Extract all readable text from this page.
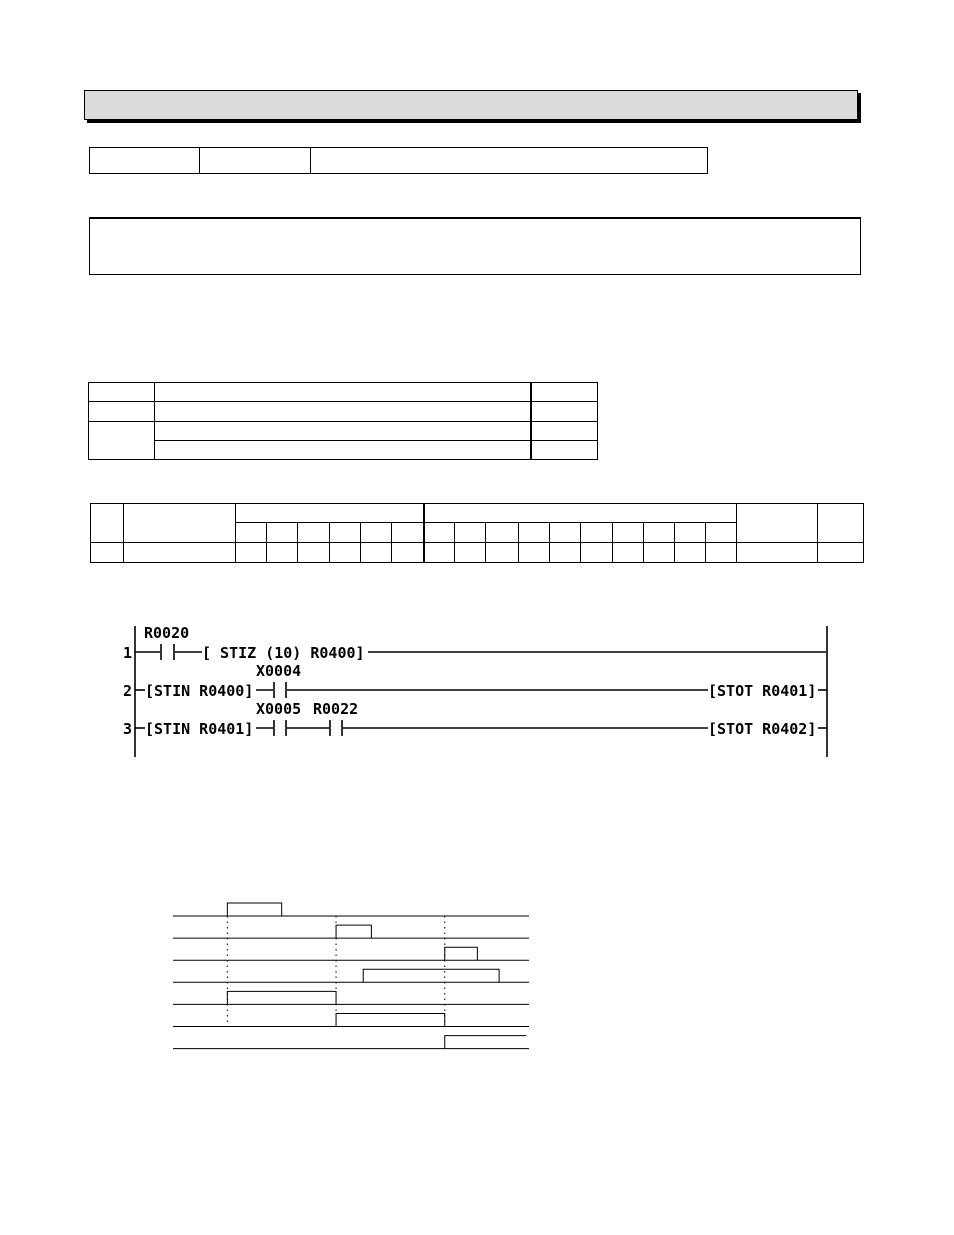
R0020
1	[ STIZ (10) R0400]
X0004
2 [STIN R0400]	[STOT R0401]
X0005 R0022
3 [STIN R0401]	[STOT R0402]
